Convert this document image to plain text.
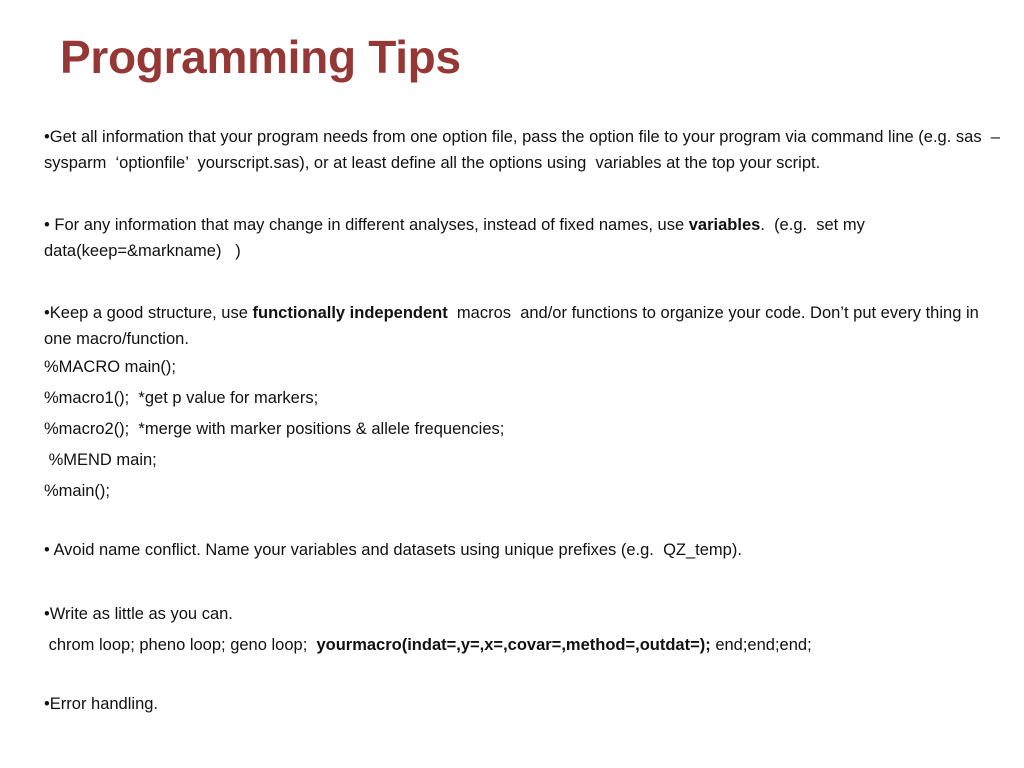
Programming Tips

•Get all information that your program needs from one option file, pass the option file to your program via command line (e.g. sas  –sysparm  ‘optionfile’  yourscript.sas), or at least define all the options using  variables at the top your script.

• For any information that may change in different analyses, instead of fixed names, use variables.  (e.g.  set my data(keep=&markname)   )

•Keep a good structure, use functionally independent  macros  and/or functions to organize your code. Don’t put every thing in one macro/function.

%MACRO main();

%macro1();  *get p value for markers;

%macro2();  *merge with marker positions & allele frequencies;

%MEND main;

%main();

• Avoid name conflict. Name your variables and datasets using unique prefixes (e.g.  QZ_temp).

•Write as little as you can.

chrom loop; pheno loop; geno loop;  yourmacro(indat=,y=,x=,covar=,method=,outdat=); end;end;end;

•Error handling.
